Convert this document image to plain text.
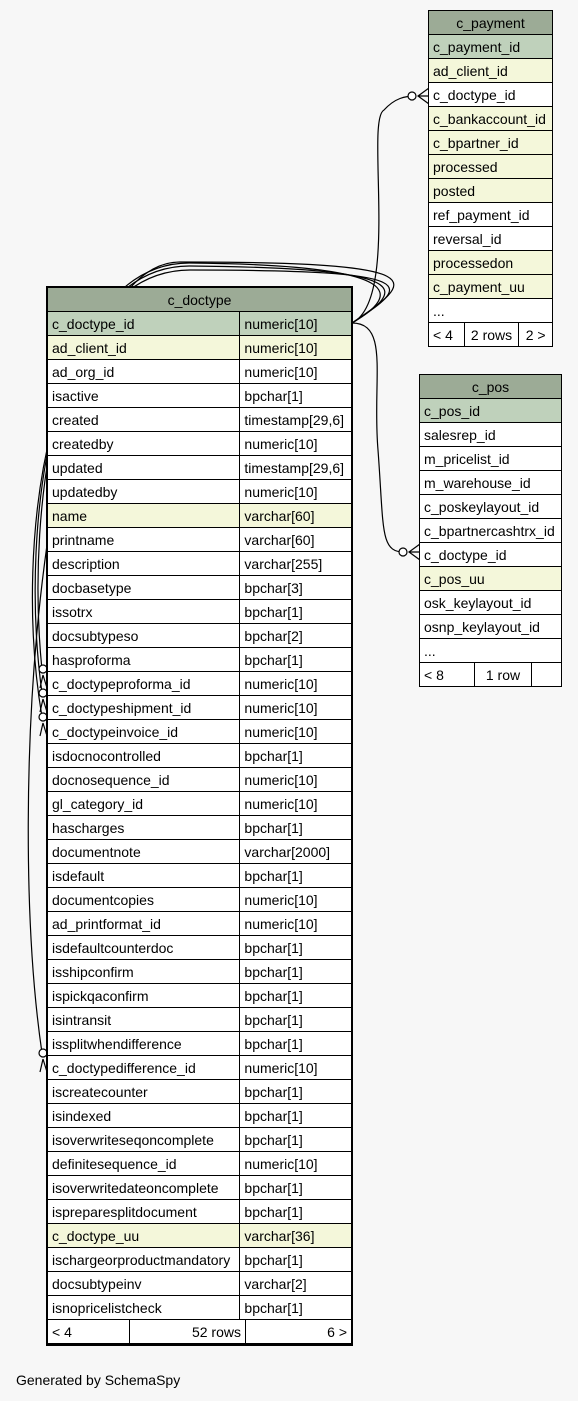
c_doctype
c_doctype_id	numeric[10]
ad_client_id	numeric[10]
ad_org_id	numeric[10]
isactive	bpchar[1]
created	timestamp[29,6]
createdby	numeric[10]
updated	timestamp[29,6]
updatedby	numeric[10]
name	varchar[60]
printname	varchar[60]
description	varchar[255]
docbasetype	bpchar[3]
issotrx	bpchar[1]
docsubtypeso	bpchar[2]
hasproforma	bpchar[1]
c_doctypeproforma_id	numeric[10]
c_doctypeshipment_id	numeric[10]
c_doctypeinvoice_id	numeric[10]
isdocnocontrolled	bpchar[1]
docnosequence_id	numeric[10]
gl_category_id	numeric[10]
hascharges	bpchar[1]
documentnote	varchar[2000]
isdefault	bpchar[1]
documentcopies	numeric[10]
ad_printformat_id	numeric[10]
isdefaultcounterdoc	bpchar[1]
isshipconfirm	bpchar[1]
ispickqaconfirm	bpchar[1]
isintransit	bpchar[1]
issplitwhendifference	bpchar[1]
c_doctypedifference_id	numeric[10]
iscreatecounter	bpchar[1]
isindexed	bpchar[1]
isoverwriteseqoncomplete	bpchar[1]
definitesequence_id	numeric[10]
isoverwritedateoncomplete	bpchar[1]
ispreparesplitdocument	bpchar[1]
c_doctype_uu	varchar[36]
ischargeorproductmandatory	bpchar[1]
docsubtypeinv	varchar[2]
isnopricelistcheck	bpchar[1]

< 4	52 rows	6 >
c_payment
c_payment_id
ad_client_id
c_doctype_id
c_bankaccount_id
c_bpartner_id
processed
posted
ref_payment_id
reversal_id
processedon
c_payment_uu
...
< 4	2 rows	2 >
c_pos
c_pos_id
salesrep_id
m_pricelist_id
m_warehouse_id
c_poskeylayout_id
c_bpartnercashtrx_id
c_doctype_id
c_pos_uu
osk_keylayout_id
osnp_keylayout_id
...
< 8	1 row	
Generated by SchemaSpy
